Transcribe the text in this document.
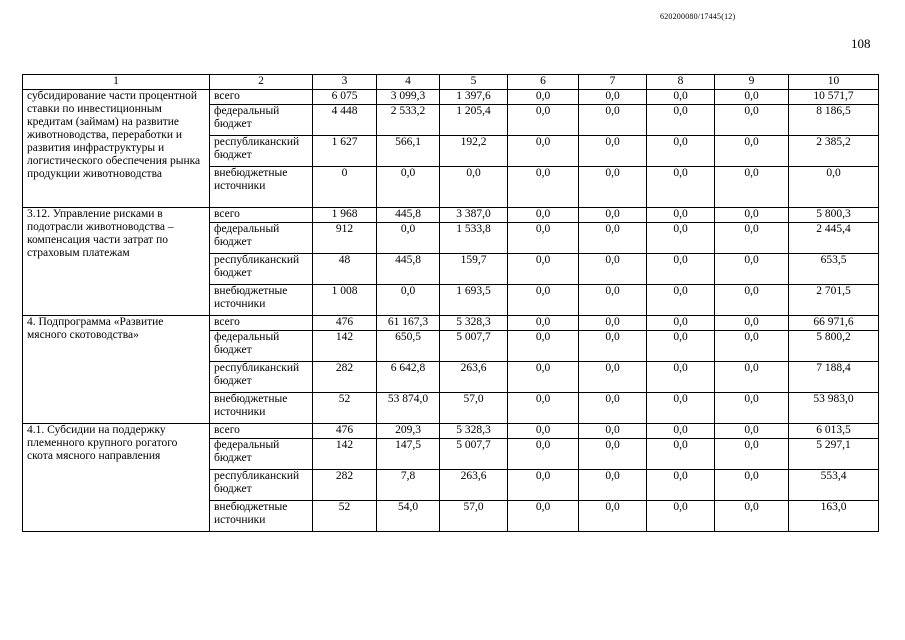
620200080/17445(12)
108
1	2	3	4	5	6	7	8	9	10
субсидирование части процентной ставки по инвестиционным кредитам (займам) на развитие животноводства, переработки и развития инфраструктуры и логистического обеспечения рынка продукции животноводства	всего	6 075	3 099,3	1 397,6	0,0	0,0	0,0	0,0	10 571,7
	федеральный бюджет	4 448	2 533,2	1 205,4	0,0	0,0	0,0	0,0	8 186,5
	республиканский бюджет	1 627	566,1	192,2	0,0	0,0	0,0	0,0	2 385,2
	внебюджетные источники	0	0,0	0,0	0,0	0,0	0,0	0,0	0,0
3.12. Управление рисками в подотрасли животноводства – компенсация части затрат по страховым платежам	всего	1 968	445,8	3 387,0	0,0	0,0	0,0	0,0	5 800,3
	федеральный бюджет	912	0,0	1 533,8	0,0	0,0	0,0	0,0	2 445,4
	республиканский бюджет	48	445,8	159,7	0,0	0,0	0,0	0,0	653,5
	внебюджетные источники	1 008	0,0	1 693,5	0,0	0,0	0,0	0,0	2 701,5
4. Подпрограмма «Развитие мясного скотоводства»	всего	476	61 167,3	5 328,3	0,0	0,0	0,0	0,0	66 971,6
	федеральный бюджет	142	650,5	5 007,7	0,0	0,0	0,0	0,0	5 800,2
	республиканский бюджет	282	6 642,8	263,6	0,0	0,0	0,0	0,0	7 188,4
	внебюджетные источники	52	53 874,0	57,0	0,0	0,0	0,0	0,0	53 983,0
4.1. Субсидии на поддержку племенного крупного рогатого скота мясного направления	всего	476	209,3	5 328,3	0,0	0,0	0,0	0,0	6 013,5
	федеральный бюджет	142	147,5	5 007,7	0,0	0,0	0,0	0,0	5 297,1
	республиканский бюджет	282	7,8	263,6	0,0	0,0	0,0	0,0	553,4
	внебюджетные источники	52	54,0	57,0	0,0	0,0	0,0	0,0	163,0
